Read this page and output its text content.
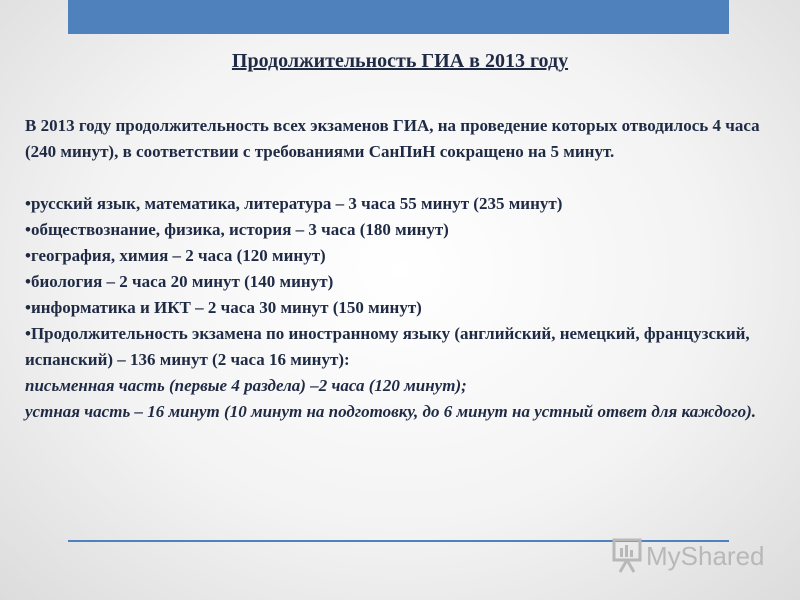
Продолжительность ГИА в 2013 году

В 2013 году продолжительность всех экзаменов ГИА, на проведение которых отводилось 4 часа (240 минут), в соответствии с требованиями СанПиН сокращено на 5 минут.

•русский язык, математика, литература – 3 часа 55 минут (235 минут)

•обществознание, физика, история – 3 часа (180 минут)

•география, химия – 2 часа (120 минут)

•биология – 2 часа 20 минут (140 минут)

•информатика и ИКТ – 2 часа 30 минут (150 минут)

•Продолжительность экзамена по иностранному языку (английский, немецкий, французский, испанский) – 136 минут (2 часа 16 минут):

письменная часть (первые 4 раздела) –2 часа (120 минут);

устная часть – 16 минут (10 минут на подготовку, до 6 минут на устный ответ для каждого).

MyShared
